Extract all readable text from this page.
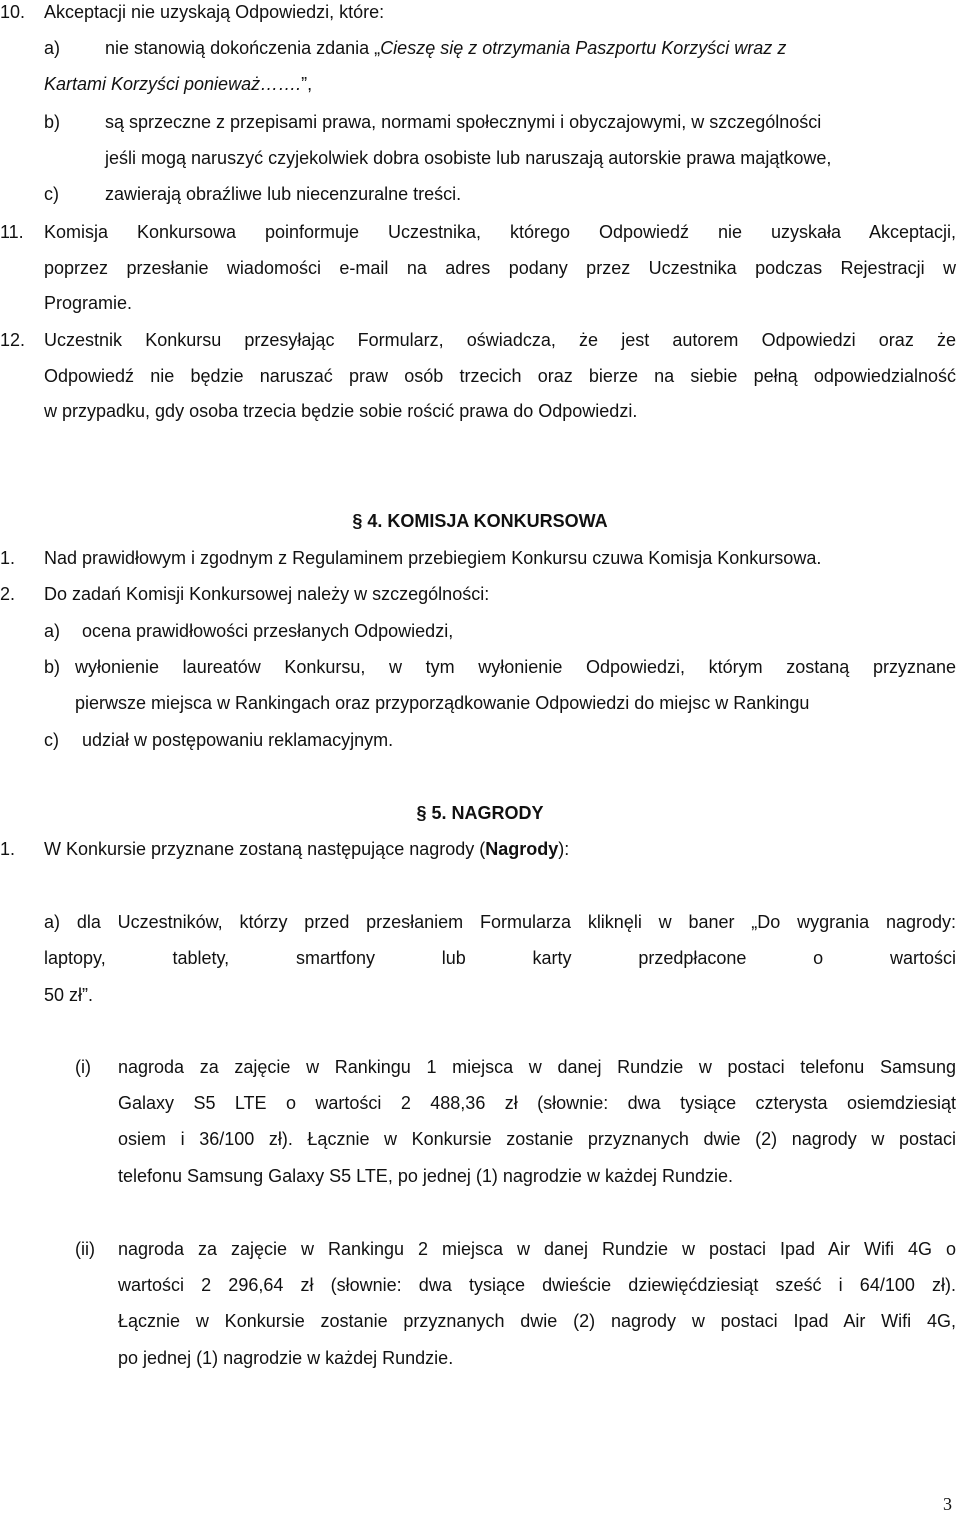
10. Akceptacji nie uzyskają Odpowiedzi, które:
a) nie stanowią dokończenia zdania „Cieszę się z otrzymania Paszportu Korzyści wraz z
Kartami Korzyści ponieważ…….”,
b) są sprzeczne z przepisami prawa, normami społecznymi i obyczajowymi, w szczególności
jeśli mogą naruszyć czyjekolwiek dobra osobiste lub naruszają autorskie prawa majątkowe,
c)	zawierają obraźliwe lub niecenzuralne treści.
11. Komisja Konkursowa poinformuje Uczestnika, którego Odpowiedź nie uzyskała Akceptacji,
poprzez przesłanie wiadomości e-mail na adres podany przez Uczestnika podczas Rejestracji w
Programie.
12. Uczestnik Konkursu przesyłając Formularz, oświadcza, że jest autorem Odpowiedzi oraz że
Odpowiedź nie będzie naruszać praw osób trzecich oraz bierze na siebie pełną odpowiedzialność
w przypadku, gdy osoba trzecia będzie sobie rościć prawa do Odpowiedzi.
§ 4. KOMISJA KONKURSOWA
1. Nad prawidłowym i zgodnym z Regulaminem przebiegiem Konkursu czuwa Komisja Konkursowa.
2. Do zadań Komisji Konkursowej należy w szczególności:
a) ocena prawidłowości przesłanych Odpowiedzi,
b) wyłonienie laureatów Konkursu, w tym wyłonienie Odpowiedzi, którym zostaną przyznane
pierwsze miejsca w Rankingach oraz przyporządkowanie Odpowiedzi do miejsc w Rankingu
c) udział w postępowaniu reklamacyjnym.
§ 5. NAGRODY
1. W Konkursie przyznane zostaną następujące nagrody (Nagrody):
a) dla Uczestników, którzy przed przesłaniem Formularza kliknęli w baner „Do wygrania nagrody:
laptopy, tablety, smartfony lub karty przedpłacone o wartości
50 zł”.
(i) nagroda za zajęcie w Rankingu 1 miejsca w danej Rundzie w postaci telefonu Samsung
Galaxy S5 LTE o wartości 2 488,36 zł (słownie: dwa tysiące czterysta osiemdziesiąt
osiem i 36/100 zł). Łącznie w Konkursie zostanie przyznanych dwie (2) nagrody w postaci
telefonu Samsung Galaxy S5 LTE, po jednej (1) nagrodzie w każdej Rundzie.
(ii) nagroda za zajęcie w Rankingu 2 miejsca w danej Rundzie w postaci Ipad Air Wifi 4G o
wartości 2 296,64 zł (słownie: dwa tysiące dwieście dziewięćdziesiąt sześć i 64/100 zł).
Łącznie w Konkursie zostanie przyznanych dwie (2) nagrody w postaci Ipad Air Wifi 4G,
po jednej (1) nagrodzie w każdej Rundzie.
3
